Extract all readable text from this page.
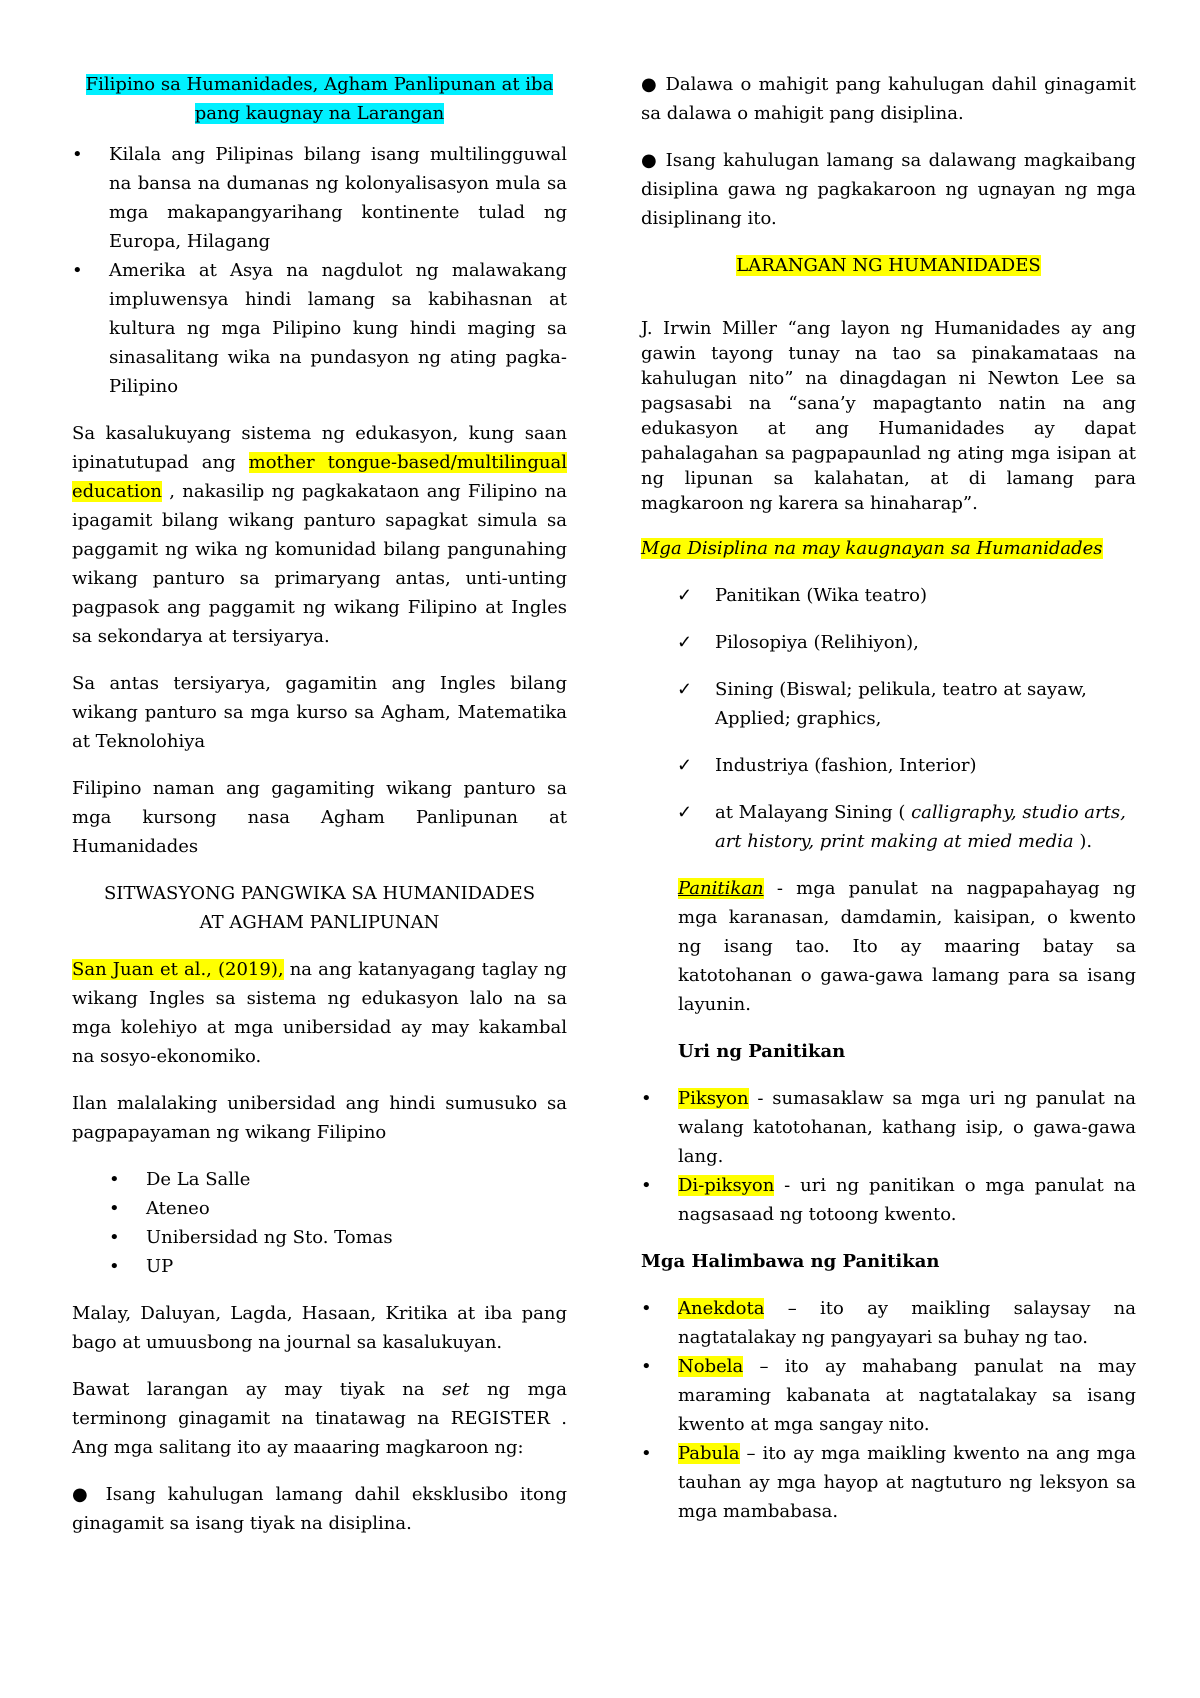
Filipino sa Humanidades, Agham Panlipunan at iba
pang kaugnay na Larangan

• Kilala ang Pilipinas bilang isang multilingguwal na bansa na dumanas ng kolonyalisasyon mula sa mga makapangyarihang kontinente tulad ng Europa, Hilagang
• Amerika at Asya na nagdulot ng malawakang impluwensya hindi lamang sa kabihasnan at kultura ng mga Pilipino kung hindi maging sa sinasalitang wika na pundasyon ng ating pagka-Pilipino

Sa kasalukuyang sistema ng edukasyon, kung saan ipinatutupad ang mother tongue-based/multilingual education , nakasilip ng pagkakataon ang Filipino na ipagamit bilang wikang panturo sapagkat simula sa paggamit ng wika ng komunidad bilang pangunahing wikang panturo sa primaryang antas, unti-unting pagpasok ang paggamit ng wikang Filipino at Ingles sa sekondarya at tersiyarya.

Sa antas tersiyarya, gagamitin ang Ingles bilang wikang panturo sa mga kurso sa Agham, Matematika at Teknolohiya

Filipino naman ang gagamiting wikang panturo sa mga kursong nasa Agham Panlipunan at Humanidades

SITWASYONG PANGWIKA SA HUMANIDADES
AT AGHAM PANLIPUNAN

San Juan et al., (2019), na ang katanyagang taglay ng wikang Ingles sa sistema ng edukasyon lalo na sa mga kolehiyo at mga unibersidad ay may kakambal na sosyo-ekonomiko.

Ilan malalaking unibersidad ang hindi sumusuko sa pagpapayaman ng wikang Filipino

• De La Salle
• Ateneo
• Unibersidad ng Sto. Tomas
• UP

Malay, Daluyan, Lagda, Hasaan, Kritika at iba pang bago at umuusbong na journal sa kasalukuyan.

Bawat larangan ay may tiyak na set ng mga terminong ginagamit na tinatawag na REGISTER . Ang mga salitang ito ay maaaring magkaroon ng:

● Isang kahulugan lamang dahil eksklusibo itong ginagamit sa isang tiyak na disiplina.

● Dalawa o mahigit pang kahulugan dahil ginagamit sa dalawa o mahigit pang disiplina.

● Isang kahulugan lamang sa dalawang magkaibang disiplina gawa ng pagkakaroon ng ugnayan ng mga disiplinang ito.

LARANGAN NG HUMANIDADES

J. Irwin Miller “ang layon ng Humanidades ay ang gawin tayong tunay na tao sa pinakamataas na kahulugan nito” na dinagdagan ni Newton Lee sa pagsasabi na “sana’y mapagtanto natin na ang edukasyon at ang Humanidades ay dapat pahalagahan sa pagpapaunlad ng ating mga isipan at ng lipunan sa kalahatan, at di lamang para magkaroon ng karera sa hinaharap”.

Mga Disiplina na may kaugnayan sa Humanidades

✓ Panitikan (Wika teatro)
✓ Pilosopiya (Relihiyon),
✓ Sining (Biswal; pelikula, teatro at sayaw, Applied; graphics,
✓ Industriya (fashion, Interior)
✓ at Malayang Sining ( calligraphy, studio arts, art history, print making at mied media ).

Panitikan - mga panulat na nagpapahayag ng mga karanasan, damdamin, kaisipan, o kwento ng isang tao. Ito ay maaring batay sa katotohanan o gawa-gawa lamang para sa isang layunin.

Uri ng Panitikan

• Piksyon - sumasaklaw sa mga uri ng panulat na walang katotohanan, kathang isip, o gawa-gawa lang.
• Di-piksyon - uri ng panitikan o mga panulat na nagsasaad ng totoong kwento.

Mga Halimbawa ng Panitikan

• Anekdota – ito ay maikling salaysay na nagtatalakay ng pangyayari sa buhay ng tao.
• Nobela – ito ay mahabang panulat na may maraming kabanata at nagtatalakay sa isang kwento at mga sangay nito.
• Pabula – ito ay mga maikling kwento na ang mga tauhan ay mga hayop at nagtuturo ng leksyon sa mga mambabasa.
